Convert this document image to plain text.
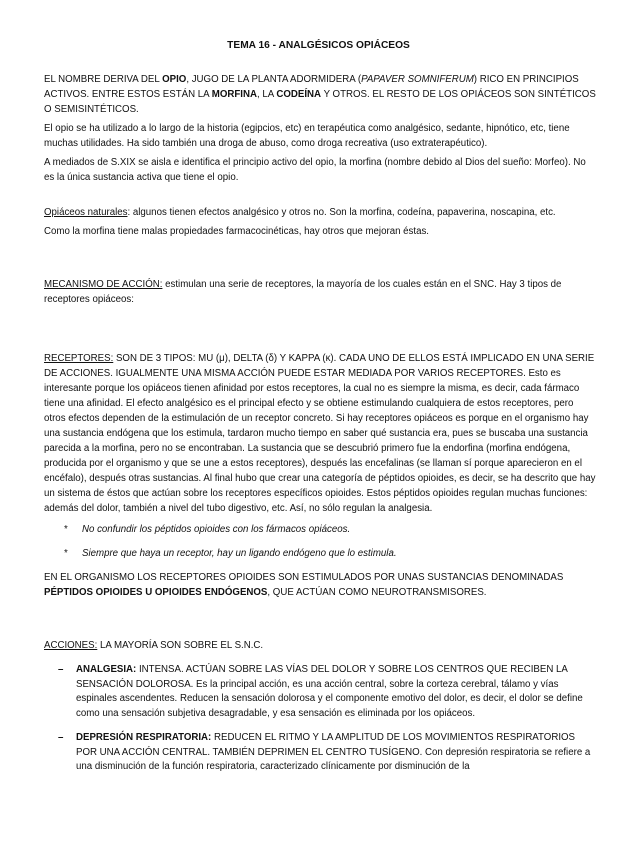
TEMA 16 - ANALGÉSICOS OPIÁCEOS

EL NOMBRE DERIVA DEL OPIO, JUGO DE LA PLANTA ADORMIDERA (PAPAVER SOMNIFERUM) RICO EN PRINCIPIOS ACTIVOS. ENTRE ESTOS ESTÁN LA MORFINA, LA CODEÍNA Y OTROS. EL RESTO DE LOS OPIÁCEOS SON SINTÉTICOS O SEMISINTÉTICOS.

El opio se ha utilizado a lo largo de la historia (egipcios, etc) en terapéutica como analgésico, sedante, hipnótico, etc, tiene muchas utilidades. Ha sido también una droga de abuso, como droga recreativa (uso extraterapéutico).

A mediados de S.XIX se aisla e identifica el principio activo del opio, la morfina (nombre debido al Dios del sueño: Morfeo). No es la única sustancia activa que tiene el opio.

Opiáceos naturales: algunos tienen efectos analgésico y otros no. Son la morfina, codeína, papaverina, noscapina, etc.

Como la morfina tiene malas propiedades farmacocinéticas, hay otros que mejoran éstas.

MECANISMO DE ACCIÓN: estimulan una serie de receptores, la mayoría de los cuales están en el SNC. Hay 3 tipos de receptores opiáceos:

RECEPTORES: SON DE 3 TIPOS: MU (μ), DELTA (δ) Y KAPPA (κ). CADA UNO DE ELLOS ESTÁ IMPLICADO EN UNA SERIE DE ACCIONES. IGUALMENTE UNA MISMA ACCIÓN PUEDE ESTAR MEDIADA POR VARIOS RECEPTORES. Esto es interesante porque los opiáceos tienen afinidad por estos receptores, la cual no es siempre la misma, es decir, cada fármaco tiene una afinidad. El efecto analgésico es el principal efecto y se obtiene estimulando cualquiera de estos receptores, pero otros efectos dependen de la estimulación de un receptor concreto. Si hay receptores opiáceos es porque en el organismo hay una sustancia endógena que los estimula, tardaron mucho tiempo en saber qué sustancia era, pues se buscaba una sustancia parecida a la morfina, pero no se encontraban. La sustancia que se descubrió primero fue la endorfina (morfina endógena, producida por el organismo y que se une a estos receptores), después las encefalinas (se llaman sí porque aparecieron en el encéfalo), después otras sustancias. Al final hubo que crear una categoría de péptidos opioides, es decir, se ha descrito que hay un sistema de éstos que actúan sobre los receptores específicos opioides. Estos péptidos opioides regulan muchas funciones: además del dolor, también a nivel del tubo digestivo, etc. Así, no sólo regulan la analgesia.

* No confundir los péptidos opioides con los fármacos opiáceos.
* Siempre que haya un receptor, hay un ligando endógeno que lo estimula.

EN EL ORGANISMO LOS RECEPTORES OPIOIDES SON ESTIMULADOS POR UNAS SUSTANCIAS DENOMINADAS PÉPTIDOS OPIOIDES U OPIOIDES ENDÓGENOS, QUE ACTÚAN COMO NEUROTRANSMISORES.

ACCIONES: LA MAYORÍA SON SOBRE EL S.N.C.

– ANALGESIA: INTENSA. ACTÚAN SOBRE LAS VÍAS DEL DOLOR Y SOBRE LOS CENTROS QUE RECIBEN LA SENSACIÓN DOLOROSA. Es la principal acción, es una acción central, sobre la corteza cerebral, tálamo y vías espinales ascendentes. Reducen la sensación dolorosa y el componente emotivo del dolor, es decir, el dolor se define como una sensación subjetiva desagradable, y esa sensación es eliminada por los opiáceos.
– DEPRESIÓN RESPIRATORIA: REDUCEN EL RITMO Y LA AMPLITUD DE LOS MOVIMIENTOS RESPIRATORIOS POR UNA ACCIÓN CENTRAL. TAMBIÉN DEPRIMEN EL CENTRO TUSÍGENO. Con depresión respiratoria se refiere a una disminución de la función respiratoria, caracterizado clínicamente por disminución de la
